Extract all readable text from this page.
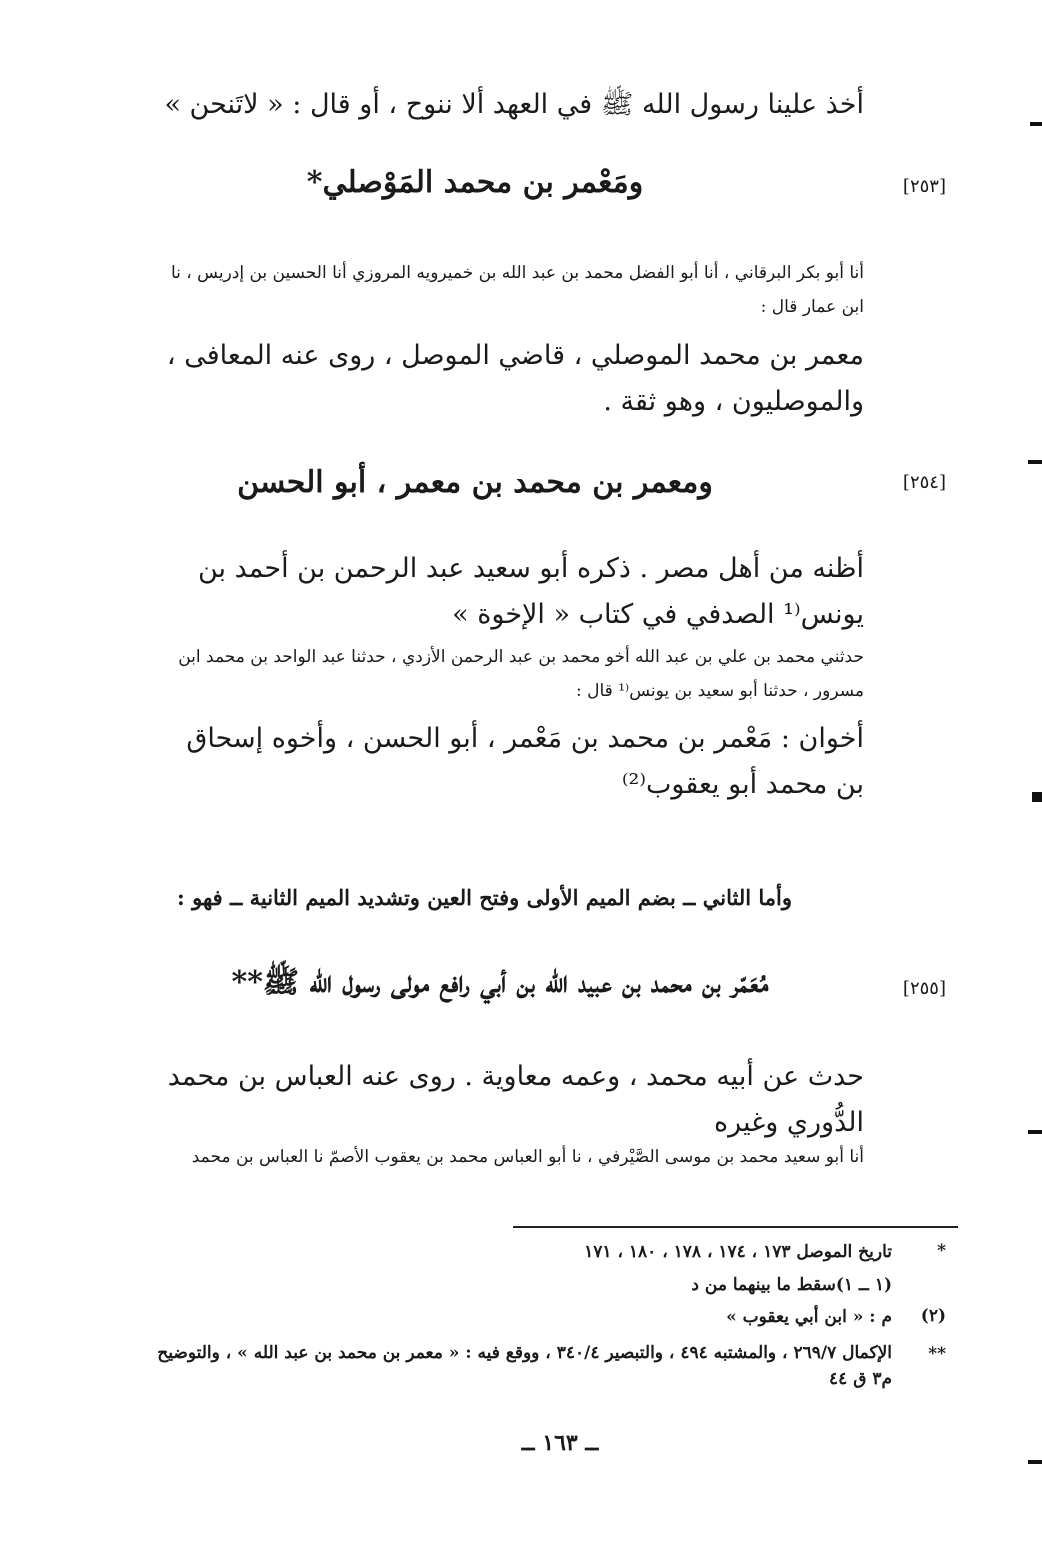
أخذ علينا رسول الله ﷺ في العهد ألا ننوح ، أو قال : « لاتَنحن »
[٢٥٣]
ومَعْمر بن محمد المَوْصلي*
أنا أبو بكر البرقاني ، أنا أبو الفضل محمد بن عبد الله بن خميرويه المروزي أنا الحسين بن إدريس ، نا ابن عمار قال :
معمر بن محمد الموصلي ، قاضي الموصل ، روى عنه المعافى ، والموصليون ، وهو ثقة .
[٢٥٤]
ومعمر بن محمد بن معمر ، أبو الحسن
أظنه من أهل مصر . ذكره أبو سعيد عبد الرحمن بن أحمد بن يونس⁽¹ الصدفي في كتاب « الإخوة »
حدثني محمد بن علي بن عبد الله أخو محمد بن عبد الرحمن الأزدي ، حدثنا عبد الواحد بن محمد ابن مسرور ، حدثنا أبو سعيد بن يونس⁽¹ قال :
أخوان : مَعْمر بن محمد بن مَعْمر ، أبو الحسن ، وأخوه إسحاق بن محمد أبو يعقوب⁽²⁾
وأما الثاني ــ بضم الميم الأولى وفتح العين وتشديد الميم الثانية ــ فهو :
[٢٥٥]
مُعَمّر بن محمد بن عبيد الله بن أبي رافع مولى رسول الله ﷺ**
حدث عن أبيه محمد ، وعمه معاوية . روى عنه العباس بن محمد الدُّوري وغيره
أنا أبو سعيد محمد بن موسى الصَّيْرفي ، نا أبو العباس محمد بن يعقوب الأصمّ نا العباس بن محمد
*
تاريخ الموصل ١٧٣ ، ١٧٤ ، ١٧٨ ، ١٨٠ ، ١٧١
(١ ــ ١)سقط ما بينهما من د
(٢)
م : « ابن أبي يعقوب »
**
الإكمال ٢٦٩/٧ ، والمشتبه ٤٩٤ ، والتبصير ٣٤٠/٤ ، ووقع فيه : « معمر بن محمد بن عبد الله » ، والتوضيح م٣ ق ٤٤
ــ ١٦٣ ــ
